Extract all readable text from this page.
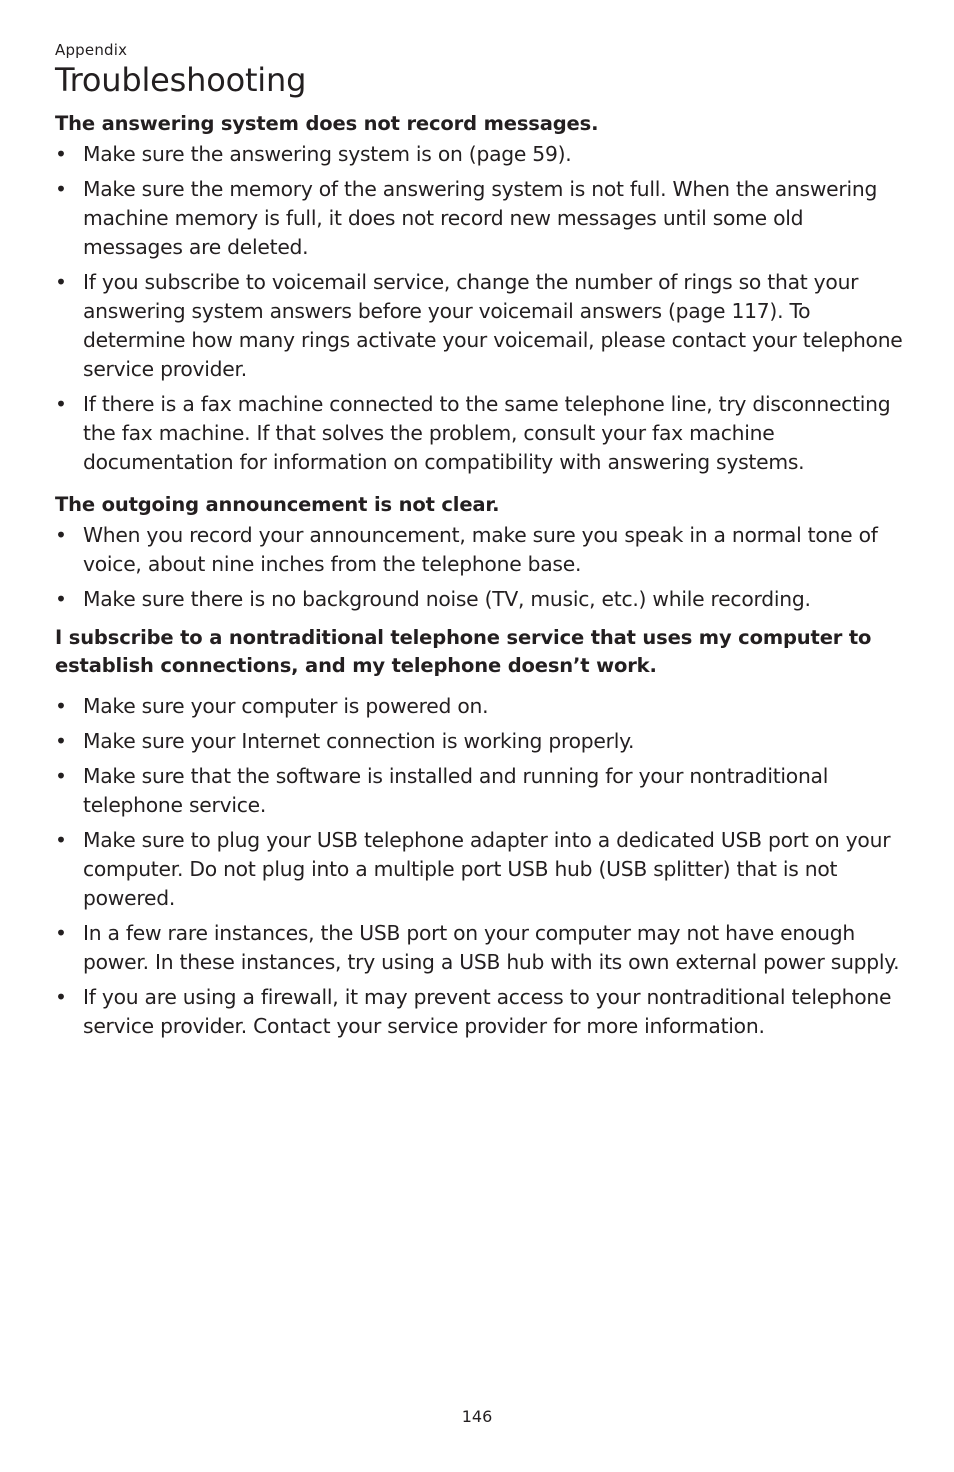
Appendix

Troubleshooting
The answering system does not record messages.
• Make sure the answering system is on (page 59).
• Make sure the memory of the answering system is not full. When the answering machine memory is full, it does not record new messages until some old messages are deleted.
• If you subscribe to voicemail service, change the number of rings so that your answering system answers before your voicemail answers (page 117). To determine how many rings activate your voicemail, please contact your telephone service provider.
• If there is a fax machine connected to the same telephone line, try disconnecting the fax machine. If that solves the problem, consult your fax machine documentation for information on compatibility with answering systems.
The outgoing announcement is not clear.
• When you record your announcement, make sure you speak in a normal tone of voice, about nine inches from the telephone base.
• Make sure there is no background noise (TV, music, etc.) while recording.
I subscribe to a nontraditional telephone service that uses my computer to establish connections, and my telephone doesn’t work.
• Make sure your computer is powered on.
• Make sure your Internet connection is working properly.
• Make sure that the software is installed and running for your nontraditional telephone service.
• Make sure to plug your USB telephone adapter into a dedicated USB port on your computer. Do not plug into a multiple port USB hub (USB splitter) that is not powered.
• In a few rare instances, the USB port on your computer may not have enough power. In these instances, try using a USB hub with its own external power supply.
• If you are using a firewall, it may prevent access to your nontraditional telephone service provider. Contact your service provider for more information.

146
